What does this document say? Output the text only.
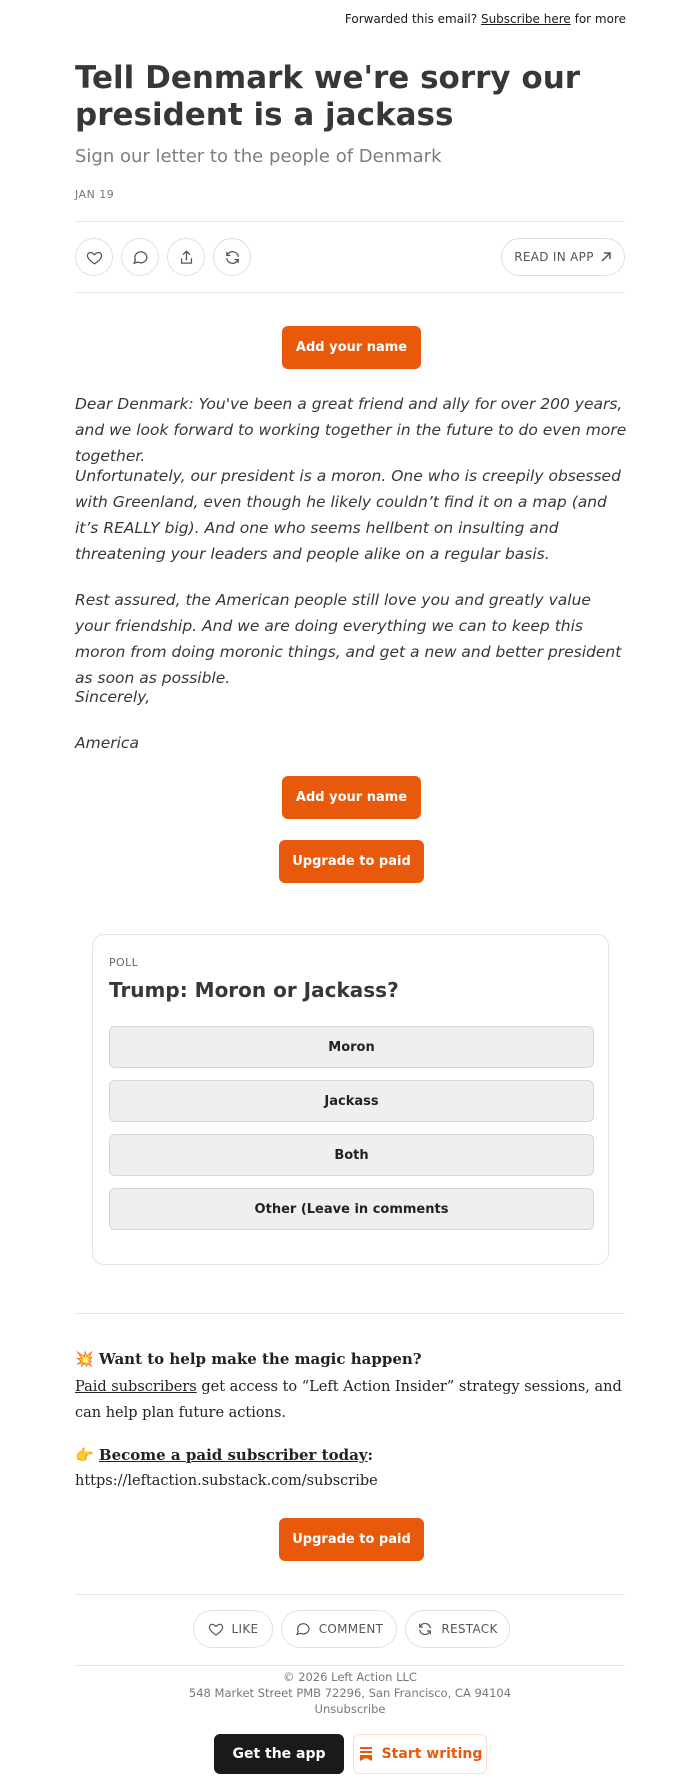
Forwarded this email? Subscribe here for more
Tell Denmark we're sorry our president is a jackass
Sign our letter to the people of Denmark
JAN 19
READ IN APP
Add your name

Dear Denmark: You've been a great friend and ally for over 200 years, and we look forward to working together in the future to do even more together.

Unfortunately, our president is a moron. One who is creepily obsessed with Greenland, even though he likely couldn’t find it on a map (and it’s REALLY big). And one who seems hellbent on insulting and threatening your leaders and people alike on a regular basis.

Rest assured, the American people still love you and greatly value your friendship. And we are doing everything we can to keep this moron from doing moronic things, and get a new and better president as soon as possible.

Sincerely,

America

Add your name
Upgrade to paid
POLL
Trump: Moron or Jackass?
Moron
Jackass
Both
Other (Leave in comments
💥 Want to help make the magic happen?

Paid subscribers get access to “Left Action Insider” strategy sessions, and can help plan future actions.

👉 Become a paid subscriber today:
https://leftaction.substack.com/subscribe
Upgrade to paid
LIKE	COMMENT	RESTACK
© 2026 Left Action LLC
548 Market Street PMB 72296, San Francisco, CA 94104
Unsubscribe
Get the app	Start writing
